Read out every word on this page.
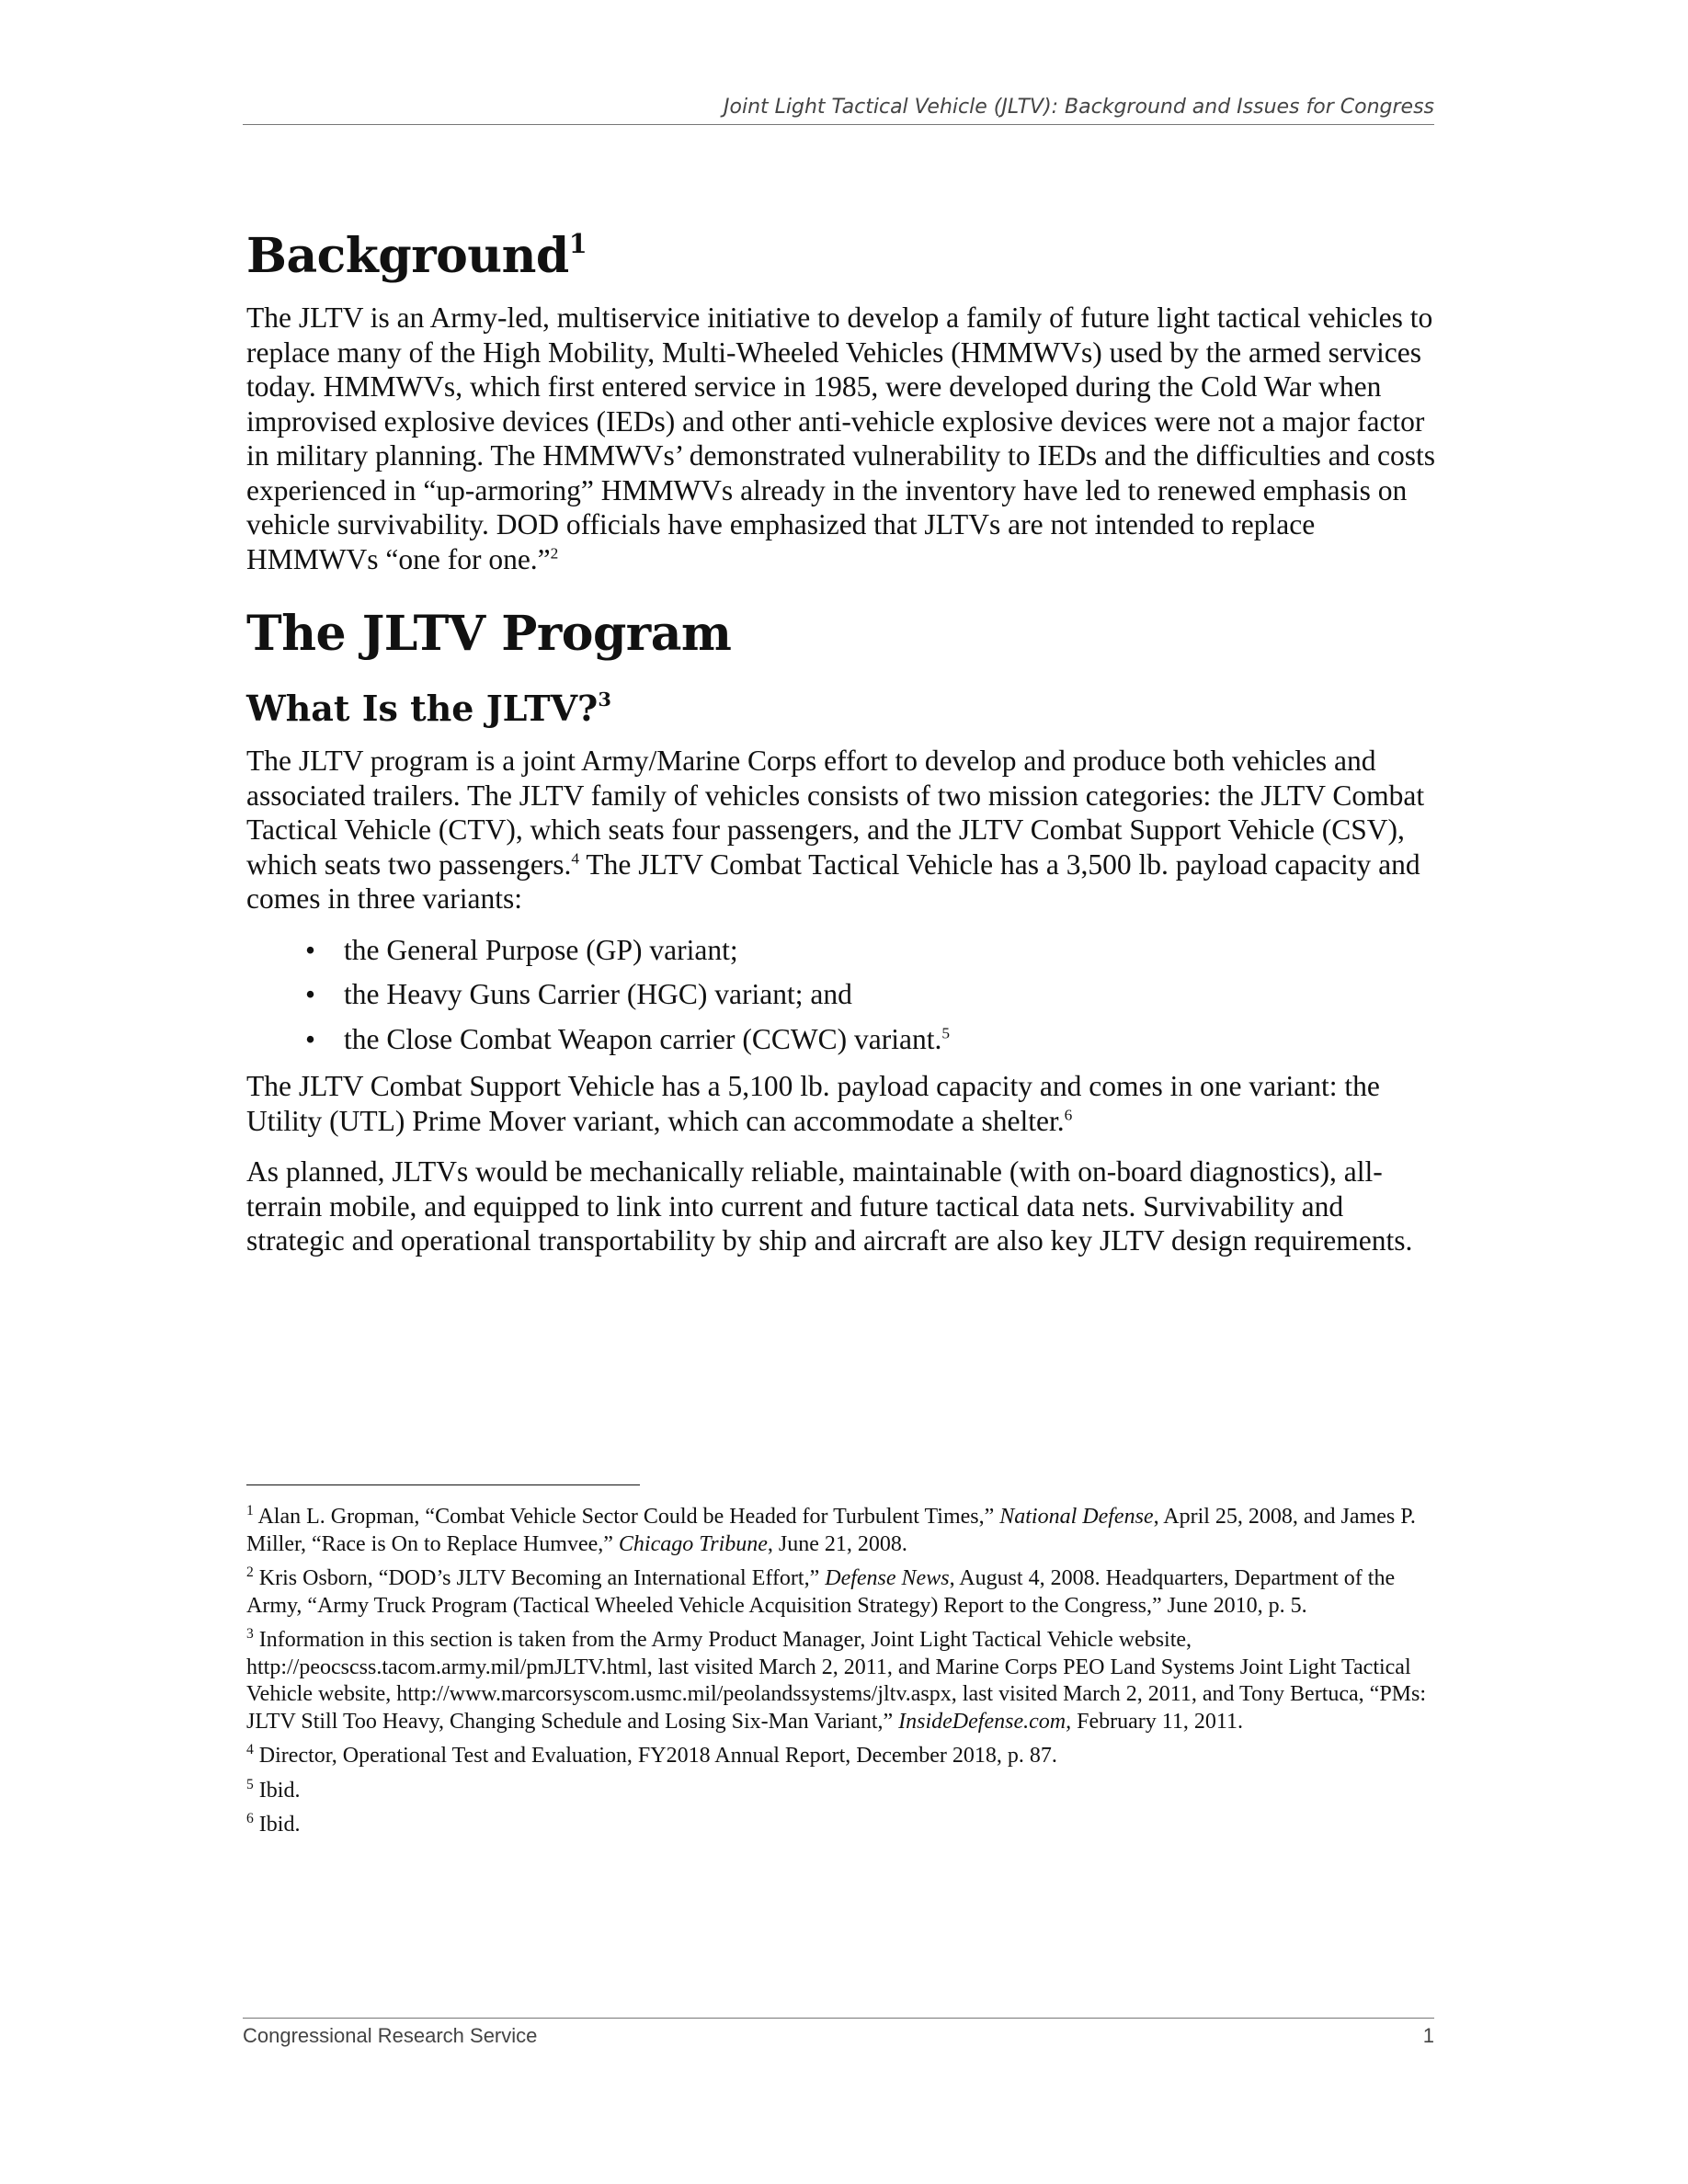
Joint Light Tactical Vehicle (JLTV): Background and Issues for Congress
Background$^1$

The JLTV is an Army-led, multiservice initiative to develop a family of future light tactical vehicles to replace many of the High Mobility, Multi-Wheeled Vehicles (HMMWVs) used by the armed services today. HMMWVs, which first entered service in 1985, were developed during the Cold War when improvised explosive devices (IEDs) and other anti-vehicle explosive devices were not a major factor in military planning. The HMMWVs’ demonstrated vulnerability to IEDs and the difficulties and costs experienced in “up-armoring” HMMWVs already in the inventory have led to renewed emphasis on vehicle survivability. DOD officials have emphasized that JLTVs are not intended to replace HMMWVs “one for one.”$^2$

The JLTV Program
What Is the JLTV?$^3$

The JLTV program is a joint Army/Marine Corps effort to develop and produce both vehicles and associated trailers. The JLTV family of vehicles consists of two mission categories: the JLTV Combat Tactical Vehicle (CTV), which seats four passengers, and the JLTV Combat Support Vehicle (CSV), which seats two passengers.$^4$ The JLTV Combat Tactical Vehicle has a 3,500 lb. payload capacity and comes in three variants:

• the General Purpose (GP) variant;
• the Heavy Guns Carrier (HGC) variant; and
• the Close Combat Weapon carrier (CCWC) variant.$^5$

The JLTV Combat Support Vehicle has a 5,100 lb. payload capacity and comes in one variant: the Utility (UTL) Prime Mover variant, which can accommodate a shelter.$^6$

As planned, JLTVs would be mechanically reliable, maintainable (with on-board diagnostics), all-terrain mobile, and equipped to link into current and future tactical data nets. Survivability and strategic and operational transportability by ship and aircraft are also key JLTV design requirements.

$^1$ Alan L. Gropman, “Combat Vehicle Sector Could be Headed for Turbulent Times,” National Defense, April 25, 2008, and James P. Miller, “Race is On to Replace Humvee,” Chicago Tribune, June 21, 2008.

$^2$ Kris Osborn, “DOD’s JLTV Becoming an International Effort,” Defense News, August 4, 2008. Headquarters, Department of the Army, “Army Truck Program (Tactical Wheeled Vehicle Acquisition Strategy) Report to the Congress,” June 2010, p. 5.

$^3$ Information in this section is taken from the Army Product Manager, Joint Light Tactical Vehicle website, http://peocscss.tacom.army.mil/pmJLTV.html, last visited March 2, 2011, and Marine Corps PEO Land Systems Joint Light Tactical Vehicle website, http://www.marcorsyscom.usmc.mil/peolandssystems/jltv.aspx, last visited March 2, 2011, and Tony Bertuca, “PMs: JLTV Still Too Heavy, Changing Schedule and Losing Six-Man Variant,” InsideDefense.com, February 11, 2011.

$^4$ Director, Operational Test and Evaluation, FY2018 Annual Report, December 2018, p. 87.

$^5$ Ibid.

$^6$ Ibid.

Congressional Research Service	1
